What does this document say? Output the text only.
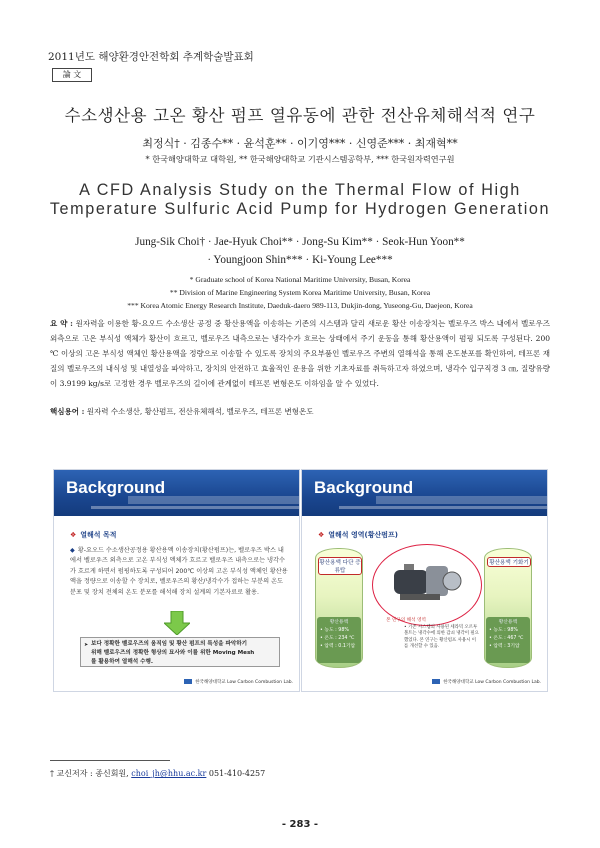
2011년도 해양환경안전학회 추계학술발표회
論 文
수소생산용 고온 황산 펌프 열유동에 관한 전산유체해석적 연구
최정식† · 김종수** · 윤석훈** · 이기영*** · 신영준*** · 최재혁**
* 한국해양대학교 대학원, ** 한국해양대학교 기관시스템공학부, *** 한국원자력연구원
A CFD Analysis Study on the Thermal Flow of High
Temperature Sulfuric Acid Pump for Hydrogen Generation
Jung-Sik Choi† · Jae-Hyuk Choi** · Jong-Su Kim** · Seok-Hun Yoon**
· Youngjoon Shin*** · Ki-Young Lee***
* Graduate school of Korea National Maritime University, Busan, Korea
** Division of Marine Engineering System Korea Maritime University, Busan, Korea
*** Korea Atomic Energy Research Institute, Daeduk-daero 989-113, Dukjin-dong, Yuseong-Gu, Daejeon, Korea
요 약 : 원자력을 이용한 황-요오드 수소생산 공정 중 황산용액을 이송하는 기존의 시스템과 달리 새로운 황산 이송장치는 벨로우즈 박스 내에서 벨로우즈 외측으로 고온 부식성 액체가 황산이 흐르고, 벨로우즈 내측으로는 냉각수가 흐르는 상태에서 주기 운동을 통해 황산용액이 펌핑 되도록 구성된다. 200 ℃ 이상의 고온 부식성 액체인 황산용액을 정량으로 이송할 수 있도록 장치의 주요부품인 벨로우즈 주변의 열해석을 통해 온도분포를 확인하여, 테프론 재질의 벨로우즈의 내식성 및 내열성을 파악하고, 장치의 안전하고 효율적인 운용을 위한 기초자료를 취득하고자 하였으며, 냉각수 입구직경 3 ㎝, 질량유량이 3.9199 kg/s로 고정한 경우 벨로우즈의 길이에 관계없이 테프론 변형온도 이하임을 알 수 있었다.
핵심용어 : 원자력 수소생산, 황산펌프, 전산유체해석, 벨로우즈, 테프론 변형온도
Background
❖ 열해석 목적
◆ 황-요오드 수소생산공정용 황산용액 이송장치(황산펌프)는, 벨로우즈 박스 내에서 벨로우즈 외측으로 고온 부식성 액체가 흐르고 벨로우즈 내측으로는 냉각수가 흐르게 하면서 펌핑하도록 구성되어 200℃ 이상의 고온 부식성 액체인 황산용액을 정량으로 이송할 수 장치로, 벨로우즈의 황산/냉각수가 접하는 부분의 온도분포 및 장치 전체의 온도 분포를 해석해 장치 설계의 기본자료로 활용.
➤ 보다 정확한 벨로우즈의 움직임 및 황산 펌프의 특성을 파악하기
위해 벨로우즈의 정확한 형상의 묘사와 이를 위한 Moving Mesh
를 활용하여 열해석 수행.
한국해양대학교 Low Carbon Combustion Lab.
Background
❖ 열해석 영역(황산펌프)
황산용액 다단 증류탑
황산용액
• 농도 : 98%
• 온도 : 234 ℃
• 압력 : 0.1기압
본 연구의 해석 영역
• 기존 시스템의 사용된 세라믹 오르투 볼트는 냉각수에 의한 감쇠 냉각이 필요했었다. 본 연구는 황산펌프 사용시 이를 개선할 수 있음.
황산용액 기화기
황산용액
• 농도 : 98%
• 온도 : 467 ℃
• 압력 : 3기압
한국해양대학교 Low Carbon Combustion Lab.
† 교신저자 : 종신회원, choi_jh@hhu.ac.kr 051-410-4257
- 283 -
